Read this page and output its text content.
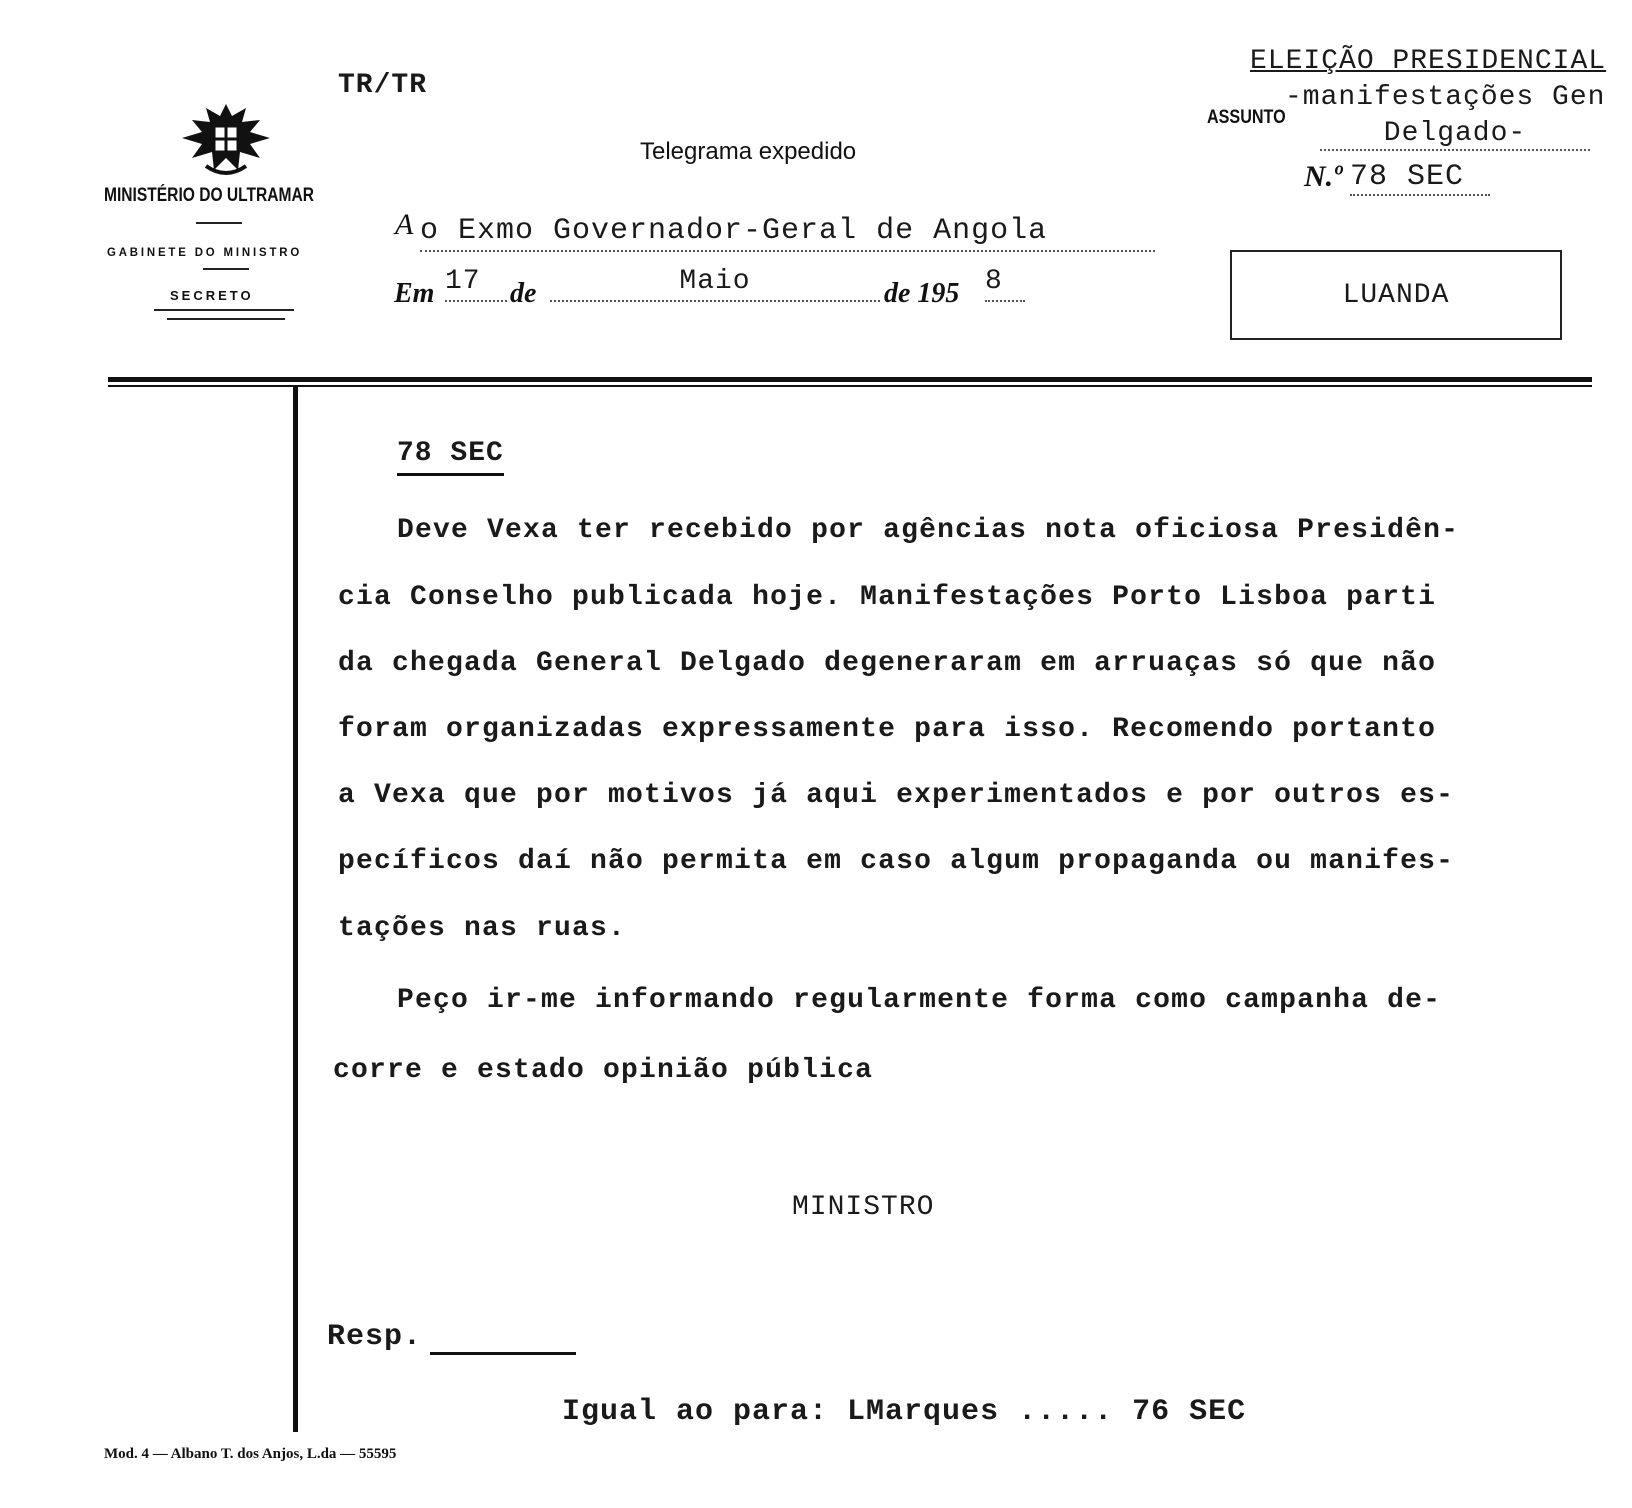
MINISTÉRIO DO ULTRAMAR
GABINETE DO MINISTRO
SECRETO
TR/TR
Telegrama expedido
A o Exmo Governador-Geral de Angola
Em 17	de	Maio	de 195 8
ELEIÇÃO PRESIDENCIAL
-manifestações Gen
ASSUNTO
Delgado-
N.º 78 SEC
LUANDA
78 SEC
Deve Vexa ter recebido por agências nota oficiosa Presidên-
cia Conselho publicada hoje. Manifestações Porto Lisboa parti
da chegada General Delgado degeneraram em arruaças só que não
foram organizadas expressamente para isso. Recomendo portanto
a Vexa que por motivos já aqui experimentados e por outros es-
pecíficos daí não permita em caso algum propaganda ou manifes-
tações nas ruas.
Peço ir-me informando regularmente forma como campanha de-
corre e estado opinião pública
MINISTRO
Resp.
Igual ao para: LMarques ..... 76 SEC
Mod. 4 — Albano T. dos Anjos, L.da — 55595
